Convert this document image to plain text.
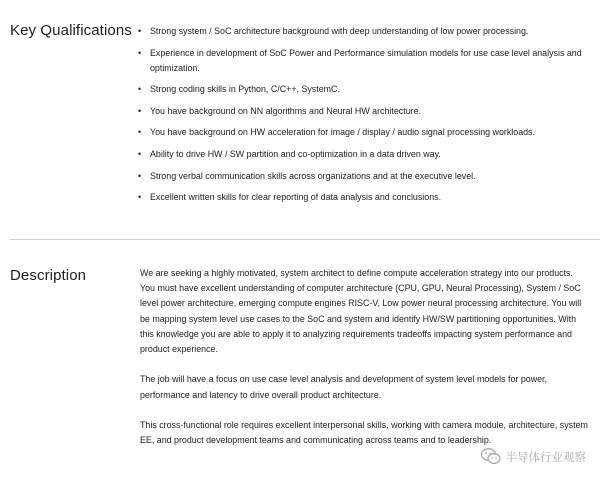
Key Qualifications • Strong system / SoC architecture background with deep understanding of low power processing.
• Experience in development of SoC Power and Performance simulation models for use case level analysis and optimization.
• Strong coding skills in Python, C/C++, SystemC.
• You have background on NN algorithms and Neural HW architecture.
• You have background on HW acceleration for image / display / audio signal processing workloads.
• Ability to drive HW / SW partition and co-optimization in a data driven way.
• Strong verbal communication skills across organizations and at the executive level.
• Excellent written skills for clear reporting of data analysis and conclusions.
Description	We are seeking a highly motivated, system architect to define compute acceleration strategy into our products. You must have excellent understanding of computer architecture (CPU, GPU, Neural Processing), System / SoC level power architecture, emerging compute engines RISC-V, Low power neural processing architecture. You will be mapping system level use cases to the SoC and system and identify HW/SW partitioning opportunities. With this knowledge you are able to apply it to analyzing requirements tradeoffs impacting system performance and product experience.

The job will have a focus on use case level analysis and development of system level models for power, performance and latency to drive overall product architecture.

This cross-functional role requires excellent interpersonal skills, working with camera module, architecture, system EE, and product development teams and communicating across teams and to leadership.

半导体行业观察
